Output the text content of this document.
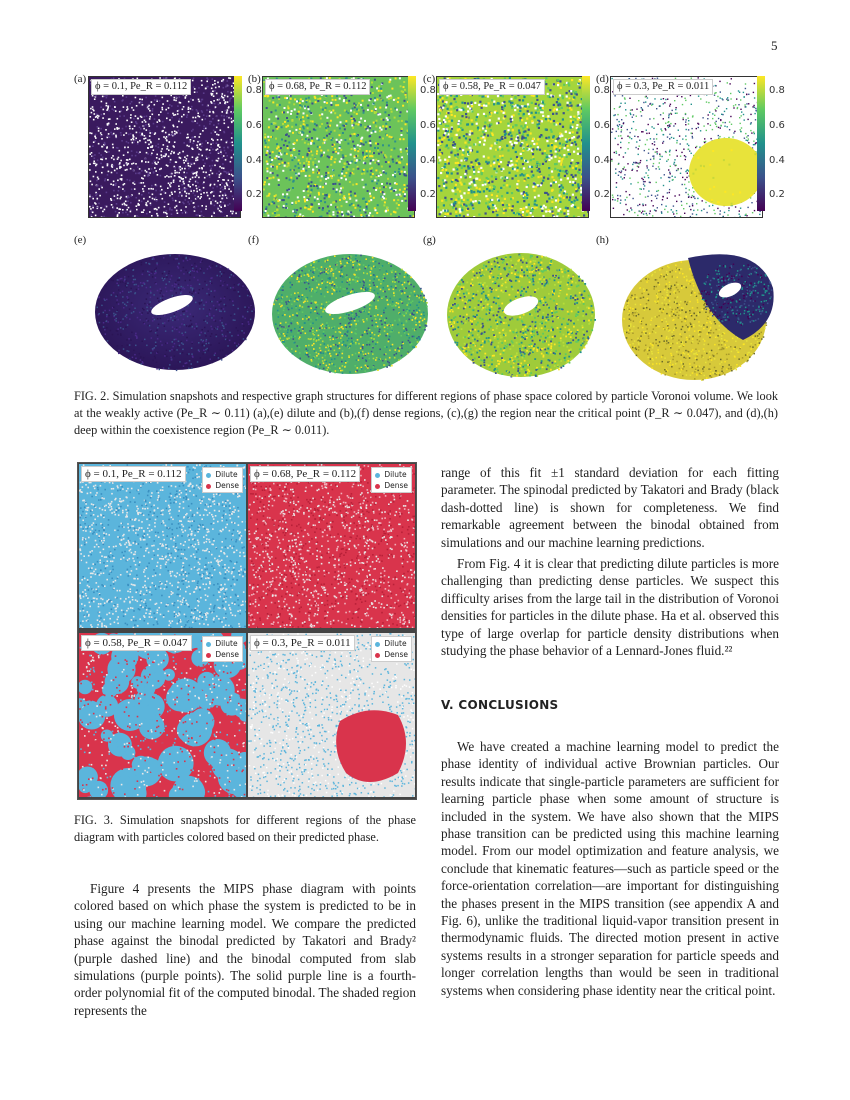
5
(a)	(b)	(c)	(d)
ϕ = 0.1, Pe_R = 0.112	ϕ = 0.68, Pe_R = 0.112	ϕ = 0.58, Pe_R = 0.047	ϕ = 0.3, Pe_R = 0.011
0.8
0.6
0.4
0.2
0.8
0.6
0.4
0.2
0.8
0.6
0.4
0.2
0.8
0.6
0.4
0.2
(e)	(f)	(g)	(h)
FIG. 2. Simulation snapshots and respective graph structures for different regions of phase space colored by particle Voronoi volume. We look at the weakly active (Pe_R ∼ 0.11) (a),(e) dilute and (b),(f) dense regions, (c),(g) the region near the critical point (P_R ∼ 0.047), and (d),(h) deep within the coexistence region (Pe_R ∼ 0.011).
ϕ = 0.1, Pe_R = 0.112	Dilute
Dense
ϕ = 0.68, Pe_R = 0.112	Dilute
Dense
ϕ = 0.58, Pe_R = 0.047	Dilute
Dense
ϕ = 0.3, Pe_R = 0.011	Dilute
Dense
FIG. 3. Simulation snapshots for different regions of the phase diagram with particles colored based on their predicted phase.

Figure 4 presents the MIPS phase diagram with points colored based on which phase the system is predicted to be in using our machine learning model. We compare the predicted phase against the binodal predicted by Takatori and Brady² (purple dashed line) and the binodal computed from slab simulations (purple points). The solid purple line is a fourth-order polynomial fit of the computed binodal. The shaded region represents the

range of this fit ±1 standard deviation for each fitting parameter. The spinodal predicted by Takatori and Brady (black dash-dotted line) is shown for completeness. We find remarkable agreement between the binodal obtained from simulations and our machine learning predictions.

From Fig. 4 it is clear that predicting dilute particles is more challenging than predicting dense particles. We suspect this difficulty arises from the large tail in the distribution of Voronoi densities for particles in the dilute phase. Ha et al. observed this type of large overlap for particle density distributions when studying the phase behavior of a Lennard-Jones fluid.²²

V. CONCLUSIONS

We have created a machine learning model to predict the phase identity of individual active Brownian particles. Our results indicate that single-particle parameters are sufficient for learning particle phase when some amount of structure is included in the system. We have also shown that the MIPS phase transition can be predicted using this machine learning model. From our model optimization and feature analysis, we conclude that kinematic features—such as particle speed or the force-orientation correlation—are important for distinguishing the phases present in the MIPS transition (see appendix A and Fig. 6), unlike the traditional liquid-vapor transition present in thermodynamic fluids. The directed motion present in active systems results in a stronger separation for particle speeds and longer correlation lengths than would be seen in traditional systems when considering phase identity near the critical point.
